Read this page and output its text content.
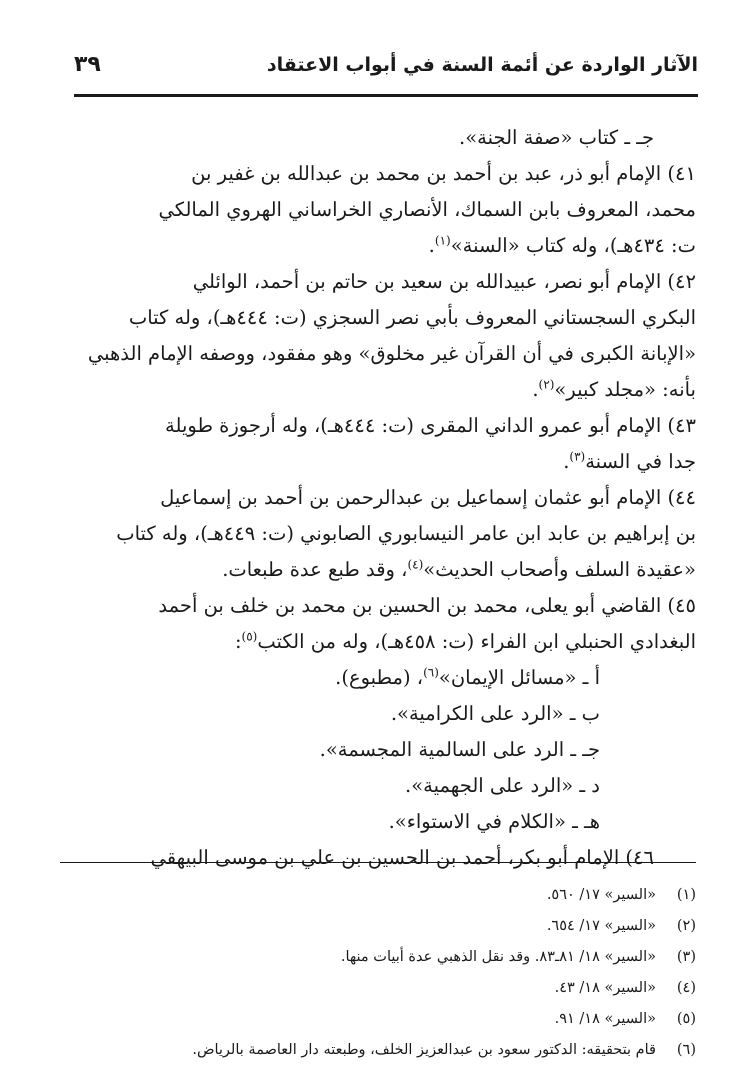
الآثار الواردة عن أئمة السنة في أبواب الاعتقاد
٣٩
جـ ـ كتاب «صفة الجنة».
٤١) الإمام أبو ذر، عبد بن أحمد بن محمد بن عبدالله بن غفير بن
محمد، المعروف بابن السماك، الأنصاري الخراساني الهروي المالكي
ت: ٤٣٤هـ)، وله كتاب «السنة»$^{(١)}$.
٤٢) الإمام أبو نصر، عبيدالله بن سعيد بن حاتم بن أحمد، الوائلي
البكري السجستاني المعروف بأبي نصر السجزي (ت: ٤٤٤هـ)، وله كتاب
«الإبانة الكبرى في أن القرآن غير مخلوق» وهو مفقود، ووصفه الإمام الذهبي
بأنه: «مجلد كبير»$^{(٢)}$.
٤٣) الإمام أبو عمرو الداني المقرى (ت: ٤٤٤هـ)، وله أرجوزة طويلة
جدا في السنة$^{(٣)}$.
٤٤) الإمام أبو عثمان إسماعيل بن عبدالرحمن بن أحمد بن إسماعيل
بن إبراهيم بن عابد ابن عامر النيسابوري الصابوني (ت: ٤٤٩هـ)، وله كتاب
«عقيدة السلف وأصحاب الحديث»$^{(٤)}$، وقد طبع عدة طبعات.
٤٥) القاضي أبو يعلى، محمد بن الحسين بن محمد بن خلف بن أحمد
البغدادي الحنبلي ابن الفراء (ت: ٤٥٨هـ)، وله من الكتب$^{(٥)}$:
أ ـ «مسائل الإيمان»$^{(٦)}$، (مطبوع).
ب ـ «الرد على الكرامية».
جـ ـ الرد على السالمية المجسمة».
د ـ «الرد على الجهمية».
هـ ـ «الكلام في الاستواء».
٤٦) الإمام أبو بكر، أحمد بن الحسين بن علي بن موسى البيهقي
(١)«السير» ١٧/ ٥٦٠.
(٢)«السير» ١٧/ ٦٥٤.
(٣)«السير» ١٨/ ٨١ـ٨٣. وقد نقل الذهبي عدة أبيات منها.
(٤)«السير» ١٨/ ٤٣.
(٥)«السير» ١٨/ ٩١.
(٦)قام بتحقيقه: الدكتور سعود بن عبدالعزيز الخلف، وطبعته دار العاصمة بالرياض.
